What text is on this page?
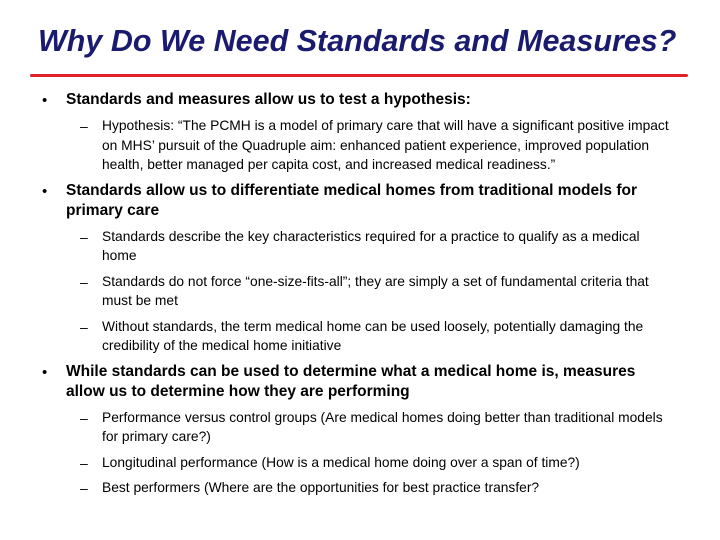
Why Do We Need Standards and Measures?
• Standards and measures allow us to test a hypothesis:
– Hypothesis: “The PCMH is a model of primary care that will have a significant positive impact on MHS’ pursuit of the Quadruple aim: enhanced patient experience, improved population health, better managed per capita cost, and increased medical readiness.”
• Standards allow us to differentiate medical homes from traditional models for primary care
– Standards describe the key characteristics required for a practice to qualify as a medical home
– Standards do not force “one-size-fits-all”; they are simply a set of fundamental criteria that must be met
– Without standards, the term medical home can be used loosely, potentially damaging the credibility of the medical home initiative
• While standards can be used to determine what a medical home is, measures allow us to determine how they are performing
– Performance versus control groups (Are medical homes doing better than traditional models for primary care?)
– Longitudinal performance (How is a medical home doing over a span of time?)
– Best performers (Where are the opportunities for best practice transfer?
